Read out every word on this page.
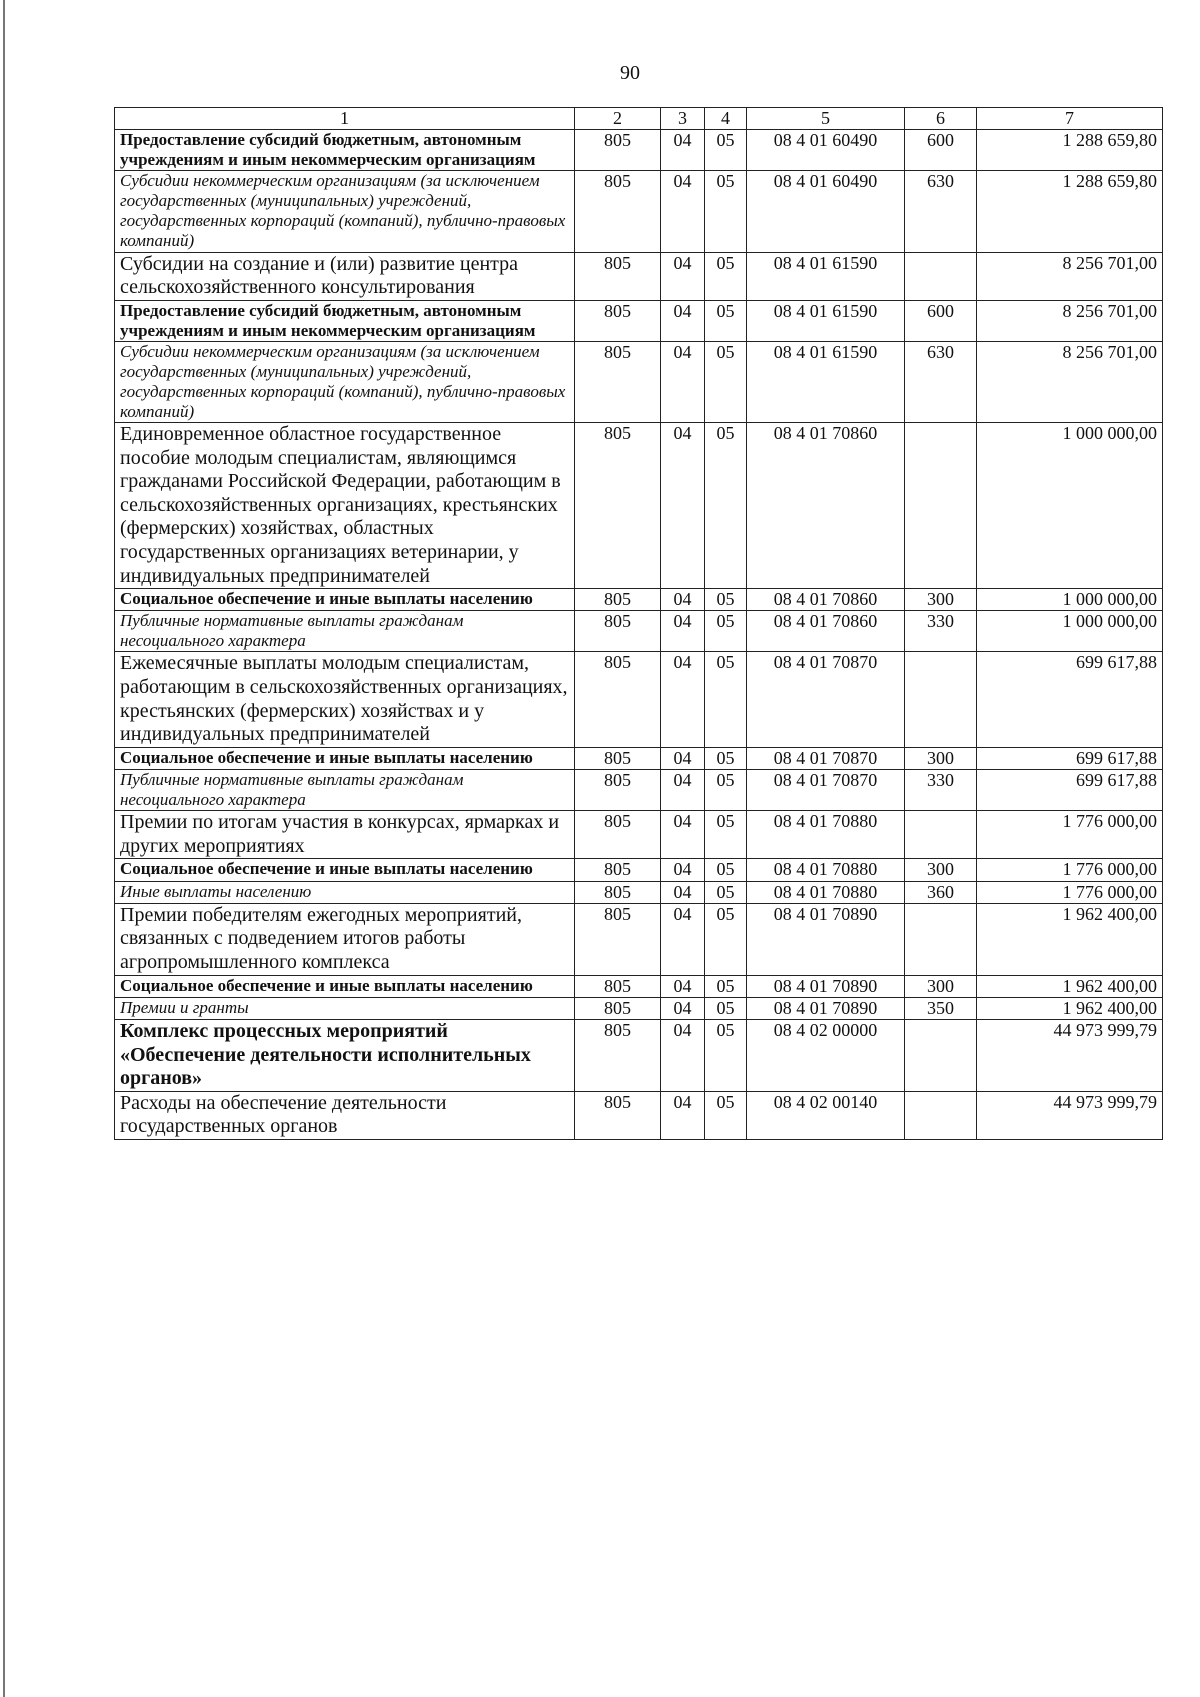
90
1	2	3	4	5	6	7
Предоставление субсидий бюджетным, автономным учреждениям и иным некоммерческим организациям	805	04	05	08 4 01 60490	600	1 288 659,80
Субсидии некоммерческим организациям (за исключением государственных (муниципальных) учреждений, государственных корпораций (компаний), публично-правовых компаний)	805	04	05	08 4 01 60490	630	1 288 659,80
Субсидии на создание и (или) развитие центра сельскохозяйственного консультирования	805	04	05	08 4 01 61590		8 256 701,00
Предоставление субсидий бюджетным, автономным учреждениям и иным некоммерческим организациям	805	04	05	08 4 01 61590	600	8 256 701,00
Субсидии некоммерческим организациям (за исключением государственных (муниципальных) учреждений, государственных корпораций (компаний), публично-правовых компаний)	805	04	05	08 4 01 61590	630	8 256 701,00
Единовременное областное государственное пособие молодым специалистам, являющимся гражданами Российской Федерации, работающим в сельскохозяйственных организациях, крестьянских (фермерских) хозяйствах, областных государственных организациях ветеринарии, у индивидуальных предпринимателей	805	04	05	08 4 01 70860		1 000 000,00
Социальное обеспечение и иные выплаты населению	805	04	05	08 4 01 70860	300	1 000 000,00
Публичные нормативные выплаты гражданам несоциального характера	805	04	05	08 4 01 70860	330	1 000 000,00
Ежемесячные выплаты молодым специалистам, работающим в сельскохозяйственных организациях, крестьянских (фермерских) хозяйствах и у индивидуальных предпринимателей	805	04	05	08 4 01 70870		699 617,88
Социальное обеспечение и иные выплаты населению	805	04	05	08 4 01 70870	300	699 617,88
Публичные нормативные выплаты гражданам несоциального характера	805	04	05	08 4 01 70870	330	699 617,88
Премии по итогам участия в конкурсах, ярмарках и других мероприятиях	805	04	05	08 4 01 70880		1 776 000,00
Социальное обеспечение и иные выплаты населению	805	04	05	08 4 01 70880	300	1 776 000,00
Иные выплаты населению	805	04	05	08 4 01 70880	360	1 776 000,00
Премии победителям ежегодных мероприятий, связанных с подведением итогов работы агропромышленного комплекса	805	04	05	08 4 01 70890		1 962 400,00
Социальное обеспечение и иные выплаты населению	805	04	05	08 4 01 70890	300	1 962 400,00
Премии и гранты	805	04	05	08 4 01 70890	350	1 962 400,00
Комплекс процессных мероприятий «Обеспечение деятельности исполнительных органов»	805	04	05	08 4 02 00000		44 973 999,79
Расходы на обеспечение деятельности государственных органов	805	04	05	08 4 02 00140		44 973 999,79
